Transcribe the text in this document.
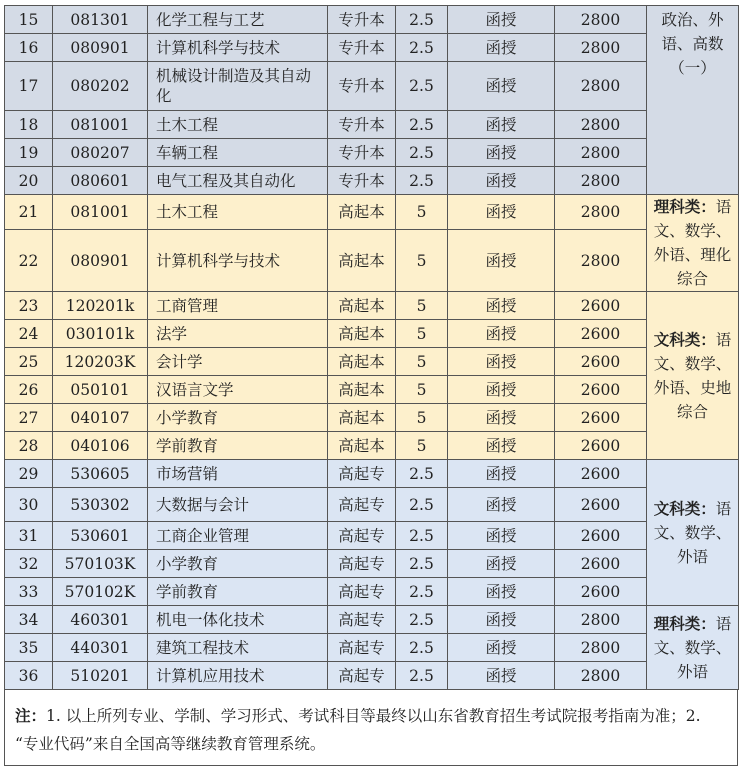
15	081301	化学工程与工艺	专升本	2.5	函授	2800	政治、外语、高数（一）
16	080901	计算机科学与技术	专升本	2.5	函授	2800	
17	080202	机械设计制造及其自动化	专升本	2.5	函授	2800	
18	081001	土木工程	专升本	2.5	函授	2800	
19	080207	车辆工程	专升本	2.5	函授	2800	
20	080601	电气工程及其自动化	专升本	2.5	函授	2800	
21	081001	土木工程	高起本	5	函授	2800	理科类：语文、数学、外语、理化综合
22	080901	计算机科学与技术	高起本	5	函授	2800	
23	120201k	工商管理	高起本	5	函授	2600	文科类：语文、数学、外语、史地综合
24	030101k	法学	高起本	5	函授	2600	
25	120203K	会计学	高起本	5	函授	2600	
26	050101	汉语言文学	高起本	5	函授	2600	
27	040107	小学教育	高起本	5	函授	2600	
28	040106	学前教育	高起本	5	函授	2600	
29	530605	市场营销	高起专	2.5	函授	2600	文科类：语文、数学、外语
30	530302	大数据与会计	高起专	2.5	函授	2600	
31	530601	工商企业管理	高起专	2.5	函授	2600	
32	570103K	小学教育	高起专	2.5	函授	2600	
33	570102K	学前教育	高起专	2.5	函授	2600	
34	460301	机电一体化技术	高起专	2.5	函授	2800	理科类：语文、数学、外语
35	440301	建筑工程技术	高起专	2.5	函授	2800	
36	510201	计算机应用技术	高起专	2.5	函授	2800	
注：1. 以上所列专业、学制、学习形式、考试科目等最终以山东省教育招生考试院报考指南为准；2. “专业代码”来自全国高等继续教育管理系统。
